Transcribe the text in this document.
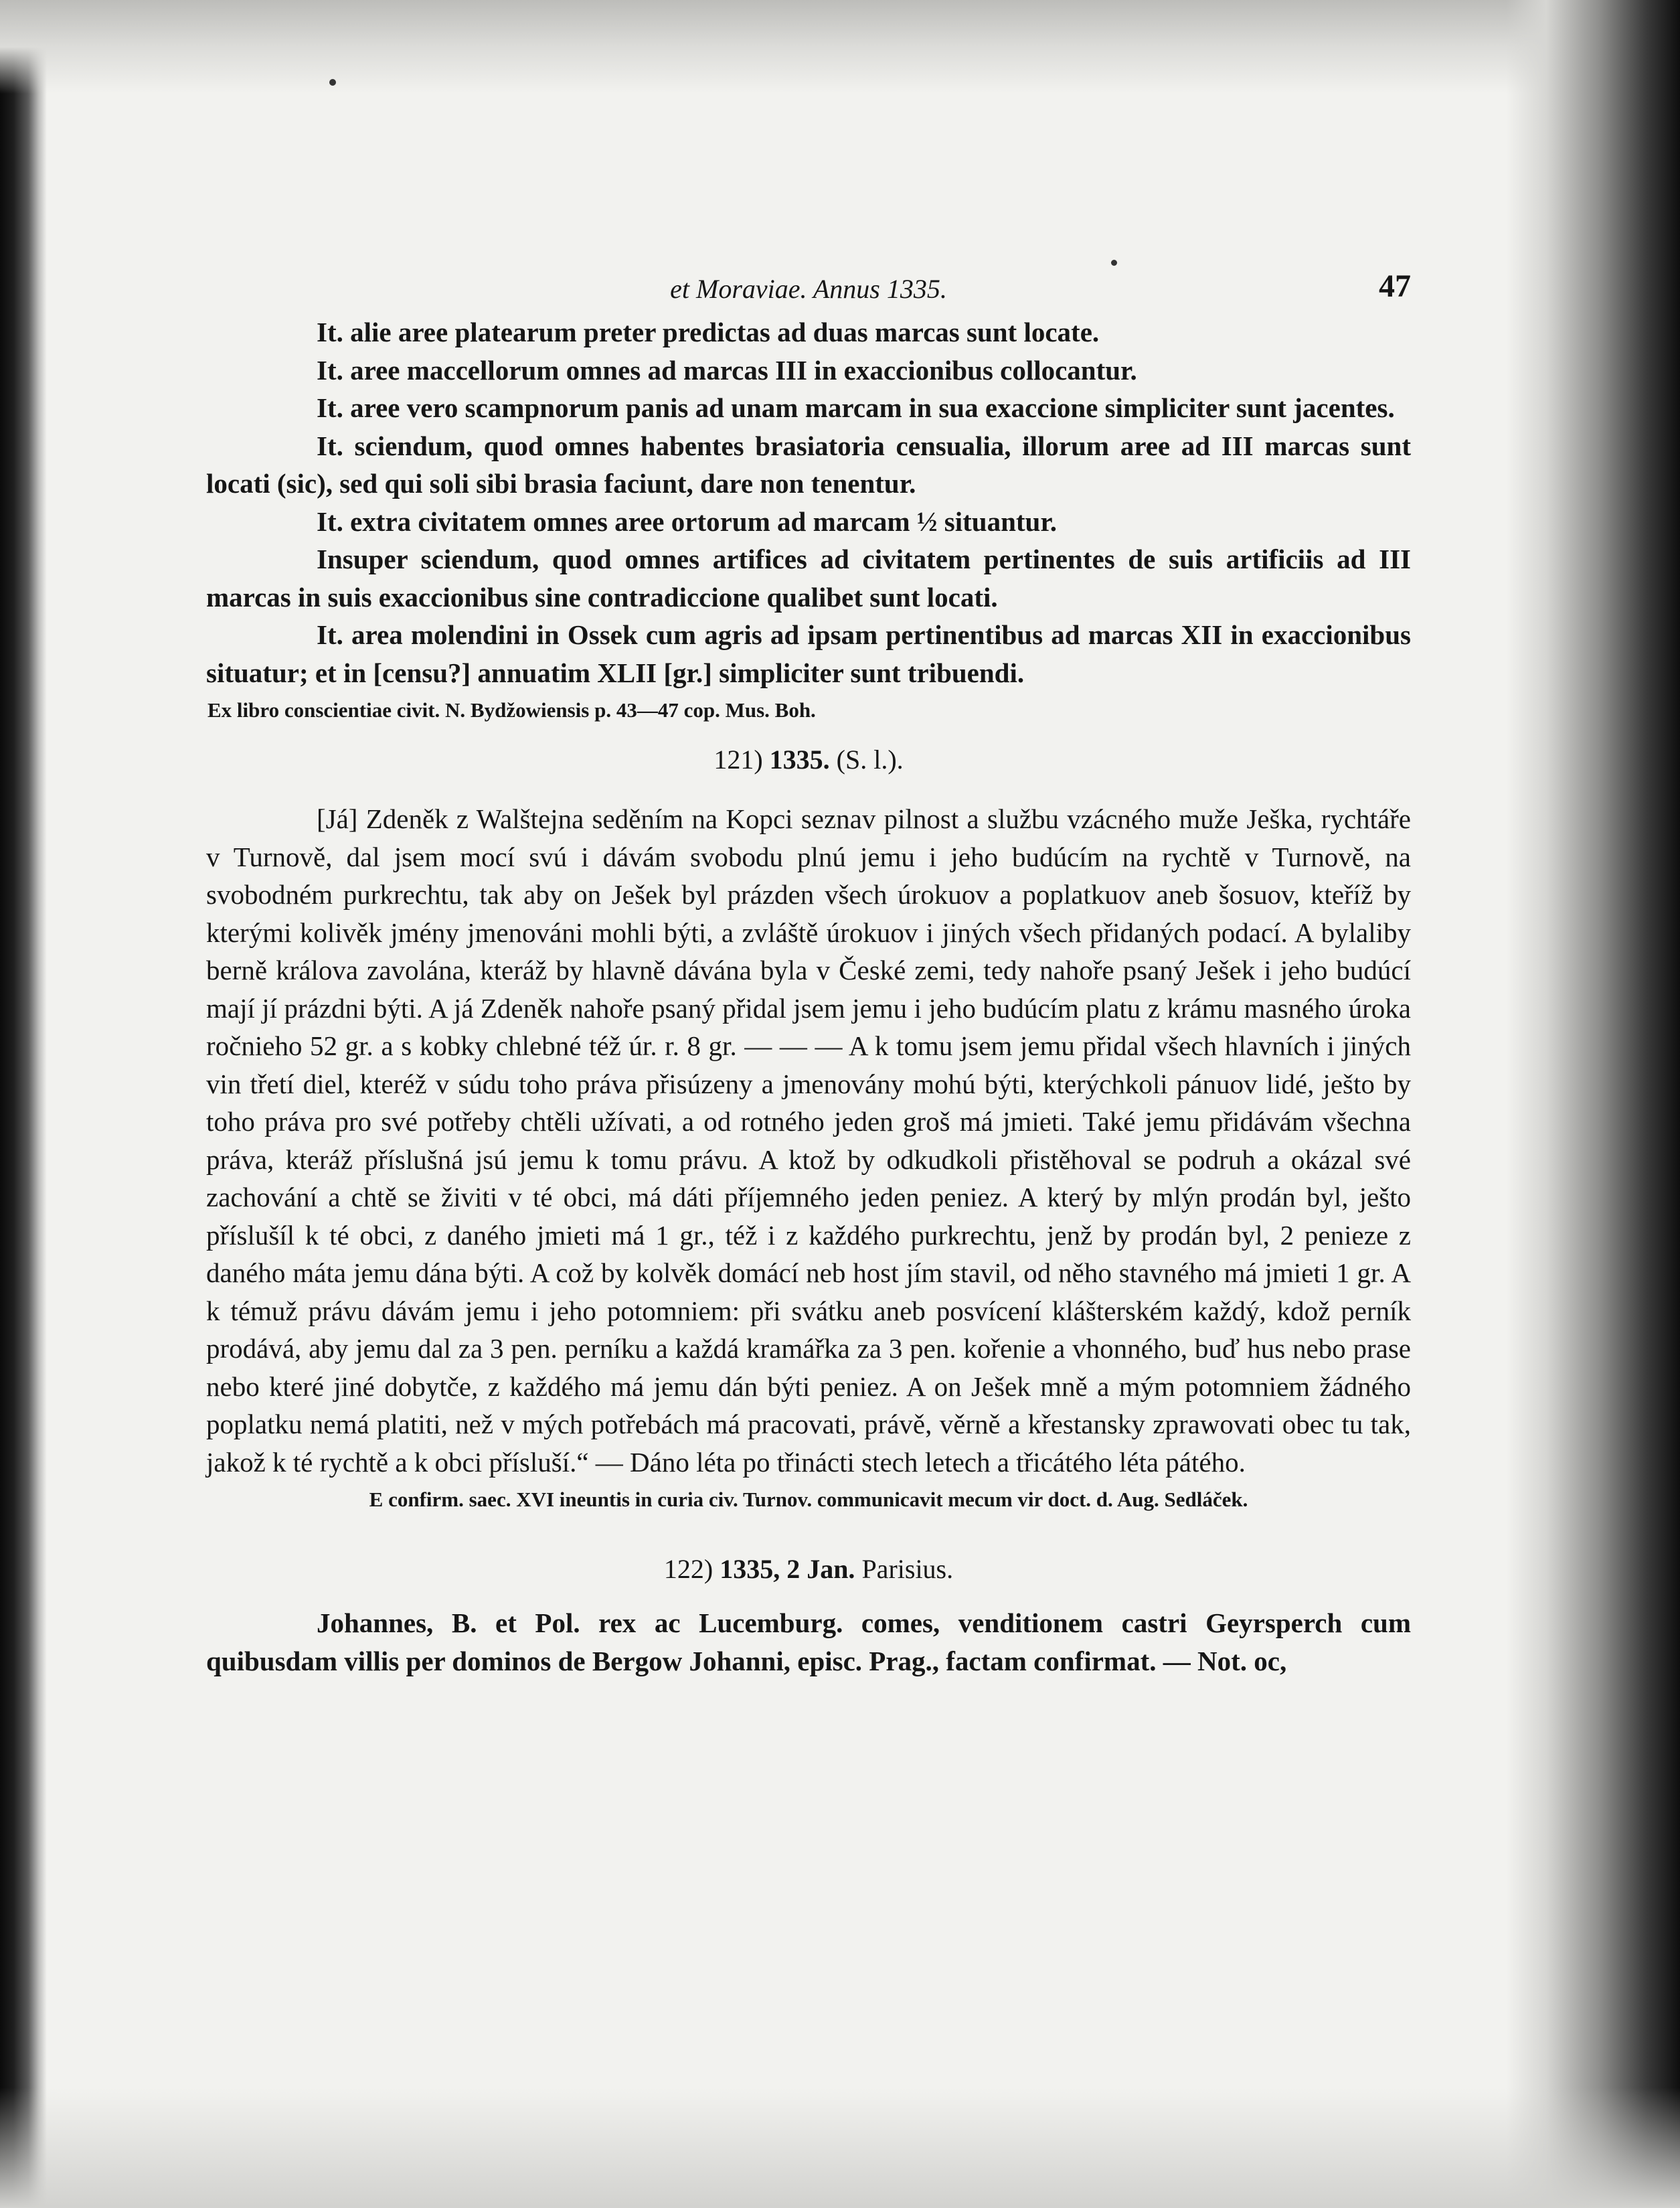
et Moraviae. Annus 1335.	47

It. alie aree platearum preter predictas ad duas marcas sunt locate.

It. aree maccellorum omnes ad marcas III in exaccionibus collocantur.

It. aree vero scampnorum panis ad unam marcam in sua exaccione simpliciter sunt jacentes.

It. sciendum, quod omnes habentes brasiatoria censualia, illorum aree ad III marcas sunt locati (sic), sed qui soli sibi brasia faciunt, dare non tenentur.

It. extra civitatem omnes aree ortorum ad marcam ½ situantur.

Insuper sciendum, quod omnes artifices ad civitatem pertinentes de suis artificiis ad III marcas in suis exaccionibus sine contradiccione qualibet sunt locati.

It. area molendini in Ossek cum agris ad ipsam pertinentibus ad marcas XII in exaccionibus situatur; et in [censu?] annuatim XLII [gr.] simpliciter sunt tribuendi.

Ex libro conscientiae civit. N. Bydžowiensis p. 43—47 cop. Mus. Boh.
121) 1335. (S. l.).

[Já] Zdeněk z Walštejna seděním na Kopci seznav pilnost a službu vzácného muže Ješka, rychtáře v Turnově, dal jsem mocí svú i dávám svobodu plnú jemu i jeho budúcím na rychtě v Turnově, na svobodném purkrechtu, tak aby on Ješek byl prázden všech úrokuov a poplatkuov aneb šosuov, kteříž by kterými kolivěk jmény jmenováni mohli býti, a zvláště úrokuov i jiných všech přidaných podací. A bylaliby berně králova zavolána, kteráž by hlavně dávána byla v České zemi, tedy nahoře psaný Ješek i jeho budúcí mají jí prázdni býti. A já Zdeněk nahoře psaný přidal jsem jemu i jeho budúcím platu z krámu masného úroka ročnieho 52 gr. a s kobky chlebné též úr. r. 8 gr. — — — A k tomu jsem jemu přidal všech hlavních i jiných vin třetí diel, kteréž v súdu toho práva přisúzeny a jmenovány mohú býti, kterýchkoli pánuov lidé, ješto by toho práva pro své potřeby chtěli užívati, a od rotného jeden groš má jmieti. Také jemu přidávám všechna práva, kteráž příslušná jsú jemu k tomu právu. A ktož by odkudkoli přistěhoval se podruh a okázal své zachování a chtě se živiti v té obci, má dáti příjemného jeden peniez. A který by mlýn prodán byl, ješto příslušíl k té obci, z daného jmieti má 1 gr., též i z každého purkrechtu, jenž by prodán byl, 2 penieze z daného máta jemu dána býti. A což by kolvěk domácí neb host jím stavil, od něho stavného má jmieti 1 gr. A k témuž právu dávám jemu i jeho potomniem: při svátku aneb posvícení klášterském každý, kdož perník prodává, aby jemu dal za 3 pen. perníku a každá kramářka za 3 pen. kořenie a vhonného, buď hus nebo prase nebo které jiné dobytče, z každého má jemu dán býti peniez. A on Ješek mně a mým potomniem žádného poplatku nemá platiti, než v mých potřebách má pracovati, právě, věrně a křestansky zprawovati obec tu tak, jakož k té rychtě a k obci přísluší.“ — Dáno léta po třinácti stech letech a třicátého léta pátého.

E confirm. saec. XVI ineuntis in curia civ. Turnov. communicavit mecum vir doct. d. Aug. Sedláček.
122) 1335, 2 Jan. Parisius.

Johannes, B. et Pol. rex ac Lucemburg. comes, venditionem castri Geyrsperch cum quibusdam villis per dominos de Bergow Johanni, episc. Prag., factam confirmat. — Not. oc,
